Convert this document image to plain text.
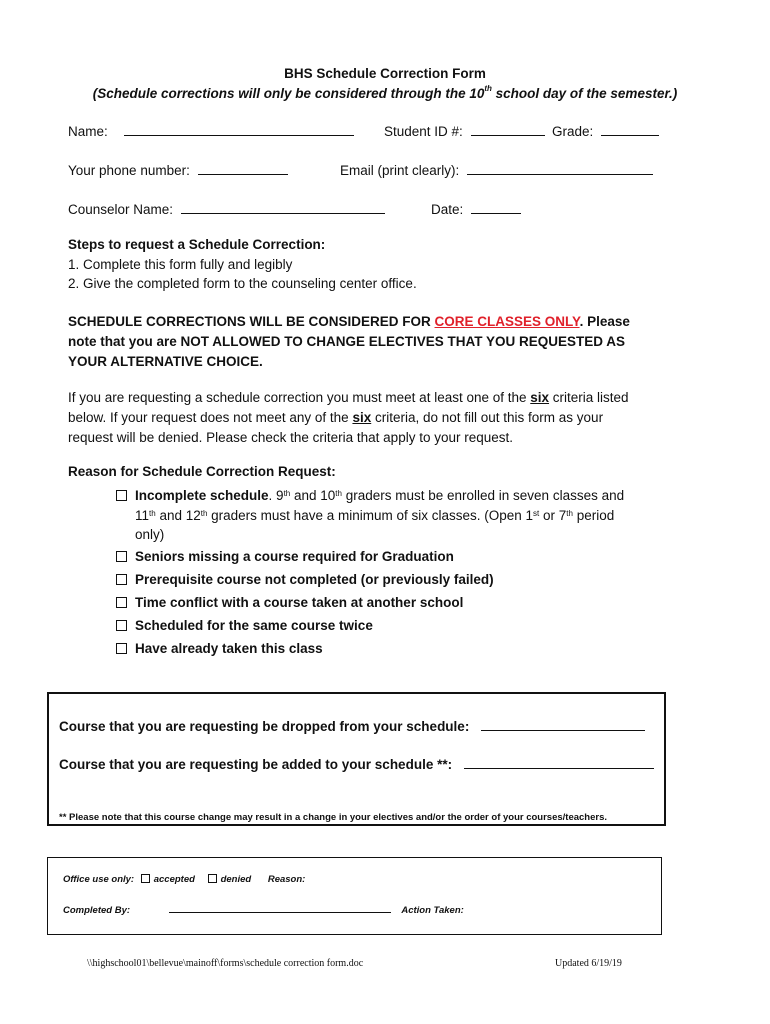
BHS Schedule Correction Form
(Schedule corrections will only be considered through the 10th school day of the semester.)
Name:	Student ID #:	Grade:
Your phone number:	Email (print clearly):
Counselor Name:	Date:
Steps to request a Schedule Correction:
1. Complete this form fully and legibly
2. Give the completed form to the counseling center office.
SCHEDULE CORRECTIONS WILL BE CONSIDERED FOR CORE CLASSES ONLY. Please note that you are NOT ALLOWED TO CHANGE ELECTIVES THAT YOU REQUESTED AS YOUR ALTERNATIVE CHOICE.
If you are requesting a schedule correction you must meet at least one of the six criteria listed below. If your request does not meet any of the six criteria, do not fill out this form as your request will be denied. Please check the criteria that apply to your request.
Reason for Schedule Correction Request:
Incomplete schedule. 9th and 10th graders must be enrolled in seven classes and
11th and 12th graders must have a minimum of six classes. (Open 1st or 7th period
only)
Seniors missing a course required for Graduation
Prerequisite course not completed (or previously failed)
Time conflict with a course taken at another school
Scheduled for the same course twice
Have already taken this class
Course that you are requesting be dropped from your schedule:
Course that you are requesting be added to your schedule **:
** Please note that this course change may result in a change in your electives and/or the order of your courses/teachers.
Office use only: accepted	denied Reason:
Completed By:	Action Taken:
\\highschool01\bellevue\mainoff\forms\schedule correction form.doc	Updated 6/19/19
